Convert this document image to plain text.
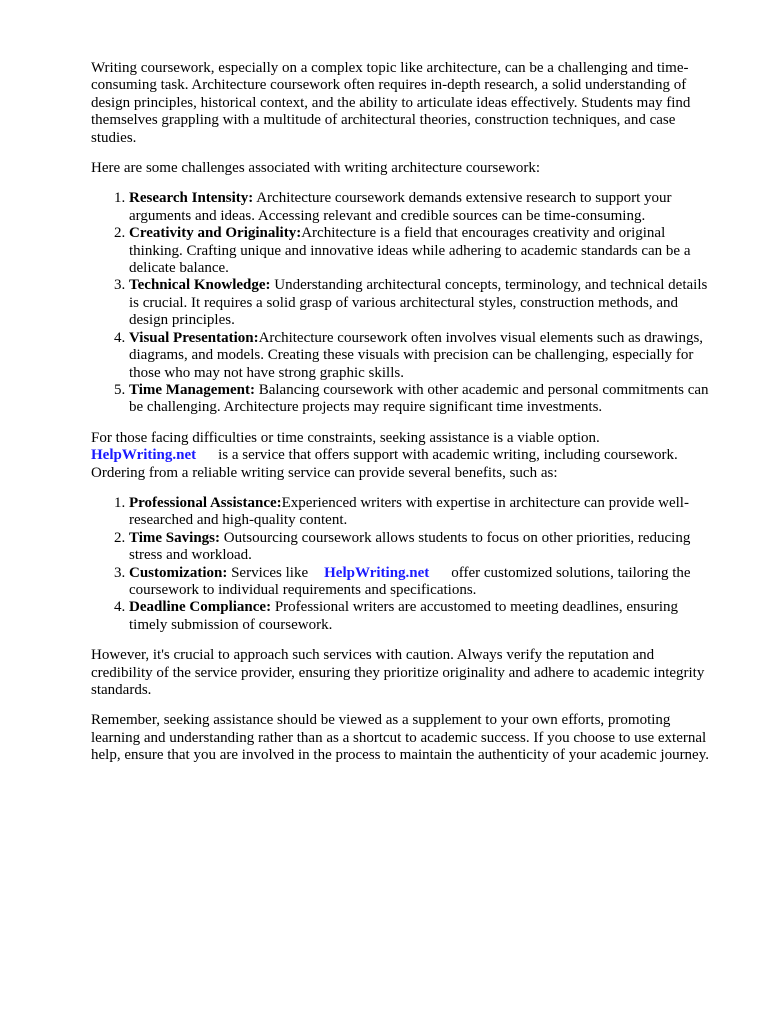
Writing coursework, especially on a complex topic like architecture, can be a challenging and time-consuming task. Architecture coursework often requires in-depth research, a solid understanding of design principles, historical context, and the ability to articulate ideas effectively. Students may find themselves grappling with a multitude of architectural theories, construction techniques, and case studies.

Here are some challenges associated with writing architecture coursework:

1. Research Intensity: Architecture coursework demands extensive research to support your arguments and ideas. Accessing relevant and credible sources can be time-consuming.
2. Creativity and Originality:Architecture is a field that encourages creativity and original thinking. Crafting unique and innovative ideas while adhering to academic standards can be a delicate balance.
3. Technical Knowledge: Understanding architectural concepts, terminology, and technical details is crucial. It requires a solid grasp of various architectural styles, construction methods, and design principles.
4. Visual Presentation:Architecture coursework often involves visual elements such as drawings, diagrams, and models. Creating these visuals with precision can be challenging, especially for those who may not have strong graphic skills.
5. Time Management: Balancing coursework with other academic and personal commitments can be challenging. Architecture projects may require significant time investments.

For those facing difficulties or time constraints, seeking assistance is a viable option.
HelpWriting.net is a service that offers support with academic writing, including coursework. Ordering from a reliable writing service can provide several benefits, such as:

1. Professional Assistance:Experienced writers with expertise in architecture can provide well-researched and high-quality content.
2. Time Savings: Outsourcing coursework allows students to focus on other priorities, reducing stress and workload.
3. Customization: Services like HelpWriting.net offer customized solutions, tailoring the coursework to individual requirements and specifications.
4. Deadline Compliance: Professional writers are accustomed to meeting deadlines, ensuring timely submission of coursework.

However, it's crucial to approach such services with caution. Always verify the reputation and credibility of the service provider, ensuring they prioritize originality and adhere to academic integrity standards.

Remember, seeking assistance should be viewed as a supplement to your own efforts, promoting learning and understanding rather than as a shortcut to academic success. If you choose to use external help, ensure that you are involved in the process to maintain the authenticity of your academic journey.
